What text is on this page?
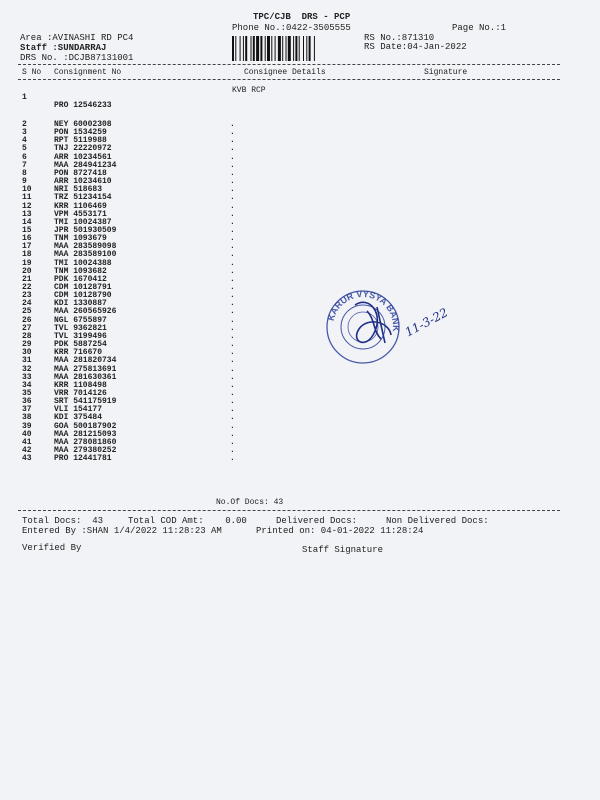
TPC/CJB  DRS - PCP
Phone No.:0422-3505555	Page No.:1
Area :AVINASHI RD PC4
Staff :SUNDARRAJ
DRS No. :DCJB87131001
RS No.:871310
RS Date:04-Jan-2022
S No Consignment No	Consignee Details	Signature

1

PRO 12546233

KVB RCP
2	NEY 60002308	.
3	PON 1534259	.
4	RPT 5119988	.
5	TNJ 22220972	.
6	ARR 10234561	.
7	MAA 284941234	.
8	PON 8727418	.
9	ARR 10234610	.
10	NRI 518683	.
11	TRZ 51234154	.
12	KRR 1106469	.
13	VPM 4553171	.
14	TMI 10024387	.
15	JPR 501930509	.
16	TNM 1093679	.
17	MAA 283589098	.
18	MAA 283589100	.
19	TMI 10024388	.
20	TNM 1093682	.
21	PDK 1670412	.
22	CDM 10128791	.
23	CDM 10128790	.
24	KDI 1330887	.
25	MAA 260565926	.
26	NGL 6755897	.
27	TVL 9362821	.
28	TVL 3199496	.
29	PDK 5887254	.
30	KRR 716670	.
31	MAA 281820734	.
32	MAA 275813691	.
33	MAA 281630361	.
34	KRR 1108498	.
35	VRR 7014126	.
36	SRT 541175919	.
37	VLI 154177	.
38	KDI 375484	.
39	GOA 500187902	.
40	MAA 281215093	.
41	MAA 278081860	.
42	MAA 279380252	.
43	PRO 12441781	.
No.Of Docs: 43
Total Docs:  43	Total COD Amt:    0.00	Delivered Docs:	Non Delivered Docs:
Entered By :SHAN 1/4/2022 11:28:23 AM	Printed on: 04-01-2022 11:28:24
Verified By	Staff Signature
KARUR VYSYA BANK 11-3-22
